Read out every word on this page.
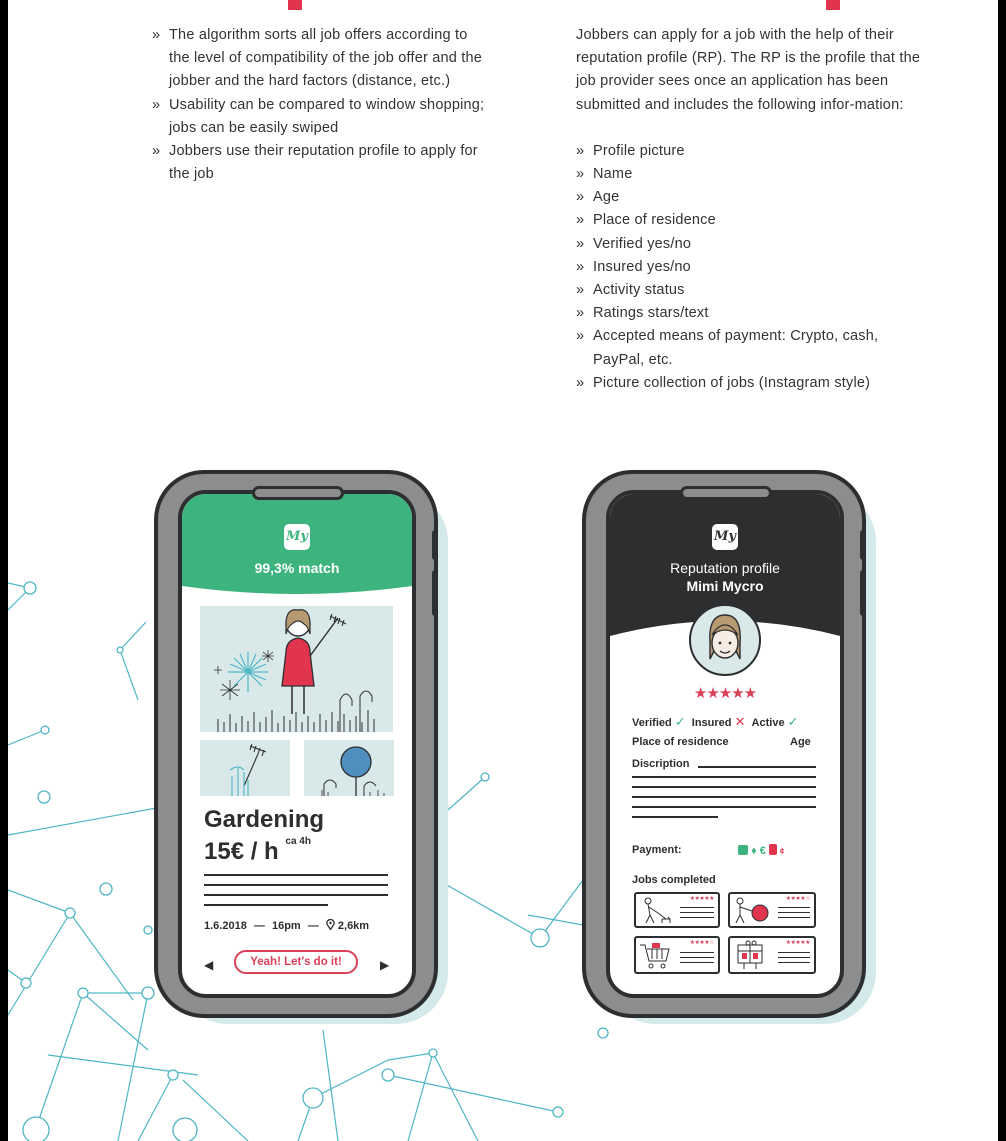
» The algorithm sorts all job offers according to the level of compatibility of the job offer and the jobber and the hard factors (distance, etc.)
» Usability can be compared to window shopping; jobs can be easily swiped
» Jobbers use their reputation profile to apply for the job

Jobbers can apply for a job with the help of their reputation profile (RP). The RP is the profile that the job provider sees once an application has been submitted and includes the following infor-mation:

» Profile picture
» Name
» Age
» Place of residence
» Verified yes/no
» Insured yes/no
» Activity status
» Ratings stars/text
» Accepted means of payment: Crypto, cash, PayPal, etc.
» Picture collection of jobs (Instagram style)
My
99,3% match
Gardening
15€ / h $^{ca 4h}$
1.6.2018 — 16pm — 2,6km
◀	Yeah! Let's do it!	▶
My
Reputation profile
Mimi Mycro
★★★★★
Verified ✓ Insured ✕ Active ✓
Place of residence	Age
Discription
Payment:	♦ € ¢
Jobs completed
★★★★★	★★★★☆
★★★★☆	★★★★★
